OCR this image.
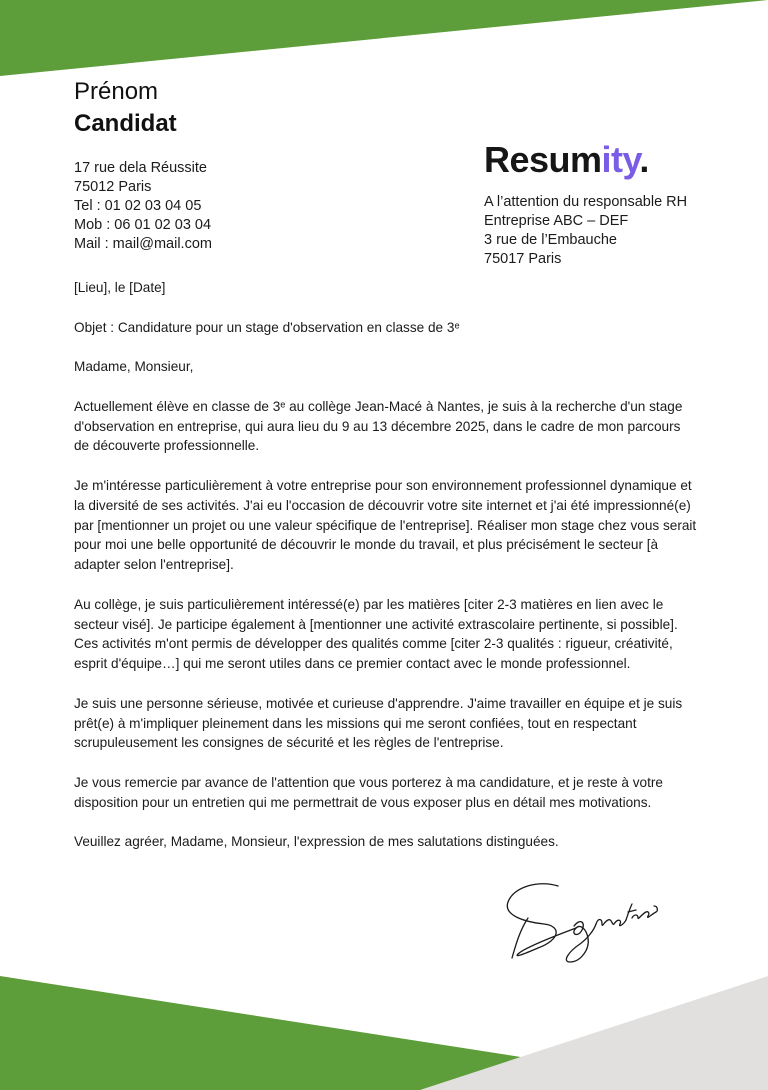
Prénom
Candidat
17 rue dela Réussite
75012 Paris
Tel : 01 02 03 04 05
Mob : 06 01 02 03 04
Mail : mail@mail.com
Resumity.
A l’attention du responsable RH
Entreprise ABC – DEF
3 rue de l’Embauche
75017 Paris

[Lieu], le [Date]

Objet : Candidature pour un stage d'observation en classe de 3ᵉ

Madame, Monsieur,

Actuellement élève en classe de 3ᵉ au collège Jean-Macé à Nantes, je suis à la recherche d'un stage d'observation en entreprise, qui aura lieu du 9 au 13 décembre 2025, dans le cadre de mon parcours de découverte professionnelle.

Je m'intéresse particulièrement à votre entreprise pour son environnement professionnel dynamique et la diversité de ses activités. J'ai eu l'occasion de découvrir votre site internet et j'ai été impressionné(e) par [mentionner un projet ou une valeur spécifique de l'entreprise]. Réaliser mon stage chez vous serait pour moi une belle opportunité de découvrir le monde du travail, et plus précisément le secteur [à adapter selon l'entreprise].

Au collège, je suis particulièrement intéressé(e) par les matières [citer 2-3 matières en lien avec le secteur visé]. Je participe également à [mentionner une activité extrascolaire pertinente, si possible]. Ces activités m'ont permis de développer des qualités comme [citer 2-3 qualités : rigueur, créativité, esprit d'équipe…] qui me seront utiles dans ce premier contact avec le monde professionnel.

Je suis une personne sérieuse, motivée et curieuse d'apprendre. J'aime travailler en équipe et je suis prêt(e) à m'impliquer pleinement dans les missions qui me seront confiées, tout en respectant scrupuleusement les consignes de sécurité et les règles de l'entreprise.

Je vous remercie par avance de l'attention que vous porterez à ma candidature, et je reste à votre disposition pour un entretien qui me permettrait de vous exposer plus en détail mes motivations.

Veuillez agréer, Madame, Monsieur, l'expression de mes salutations distinguées.
